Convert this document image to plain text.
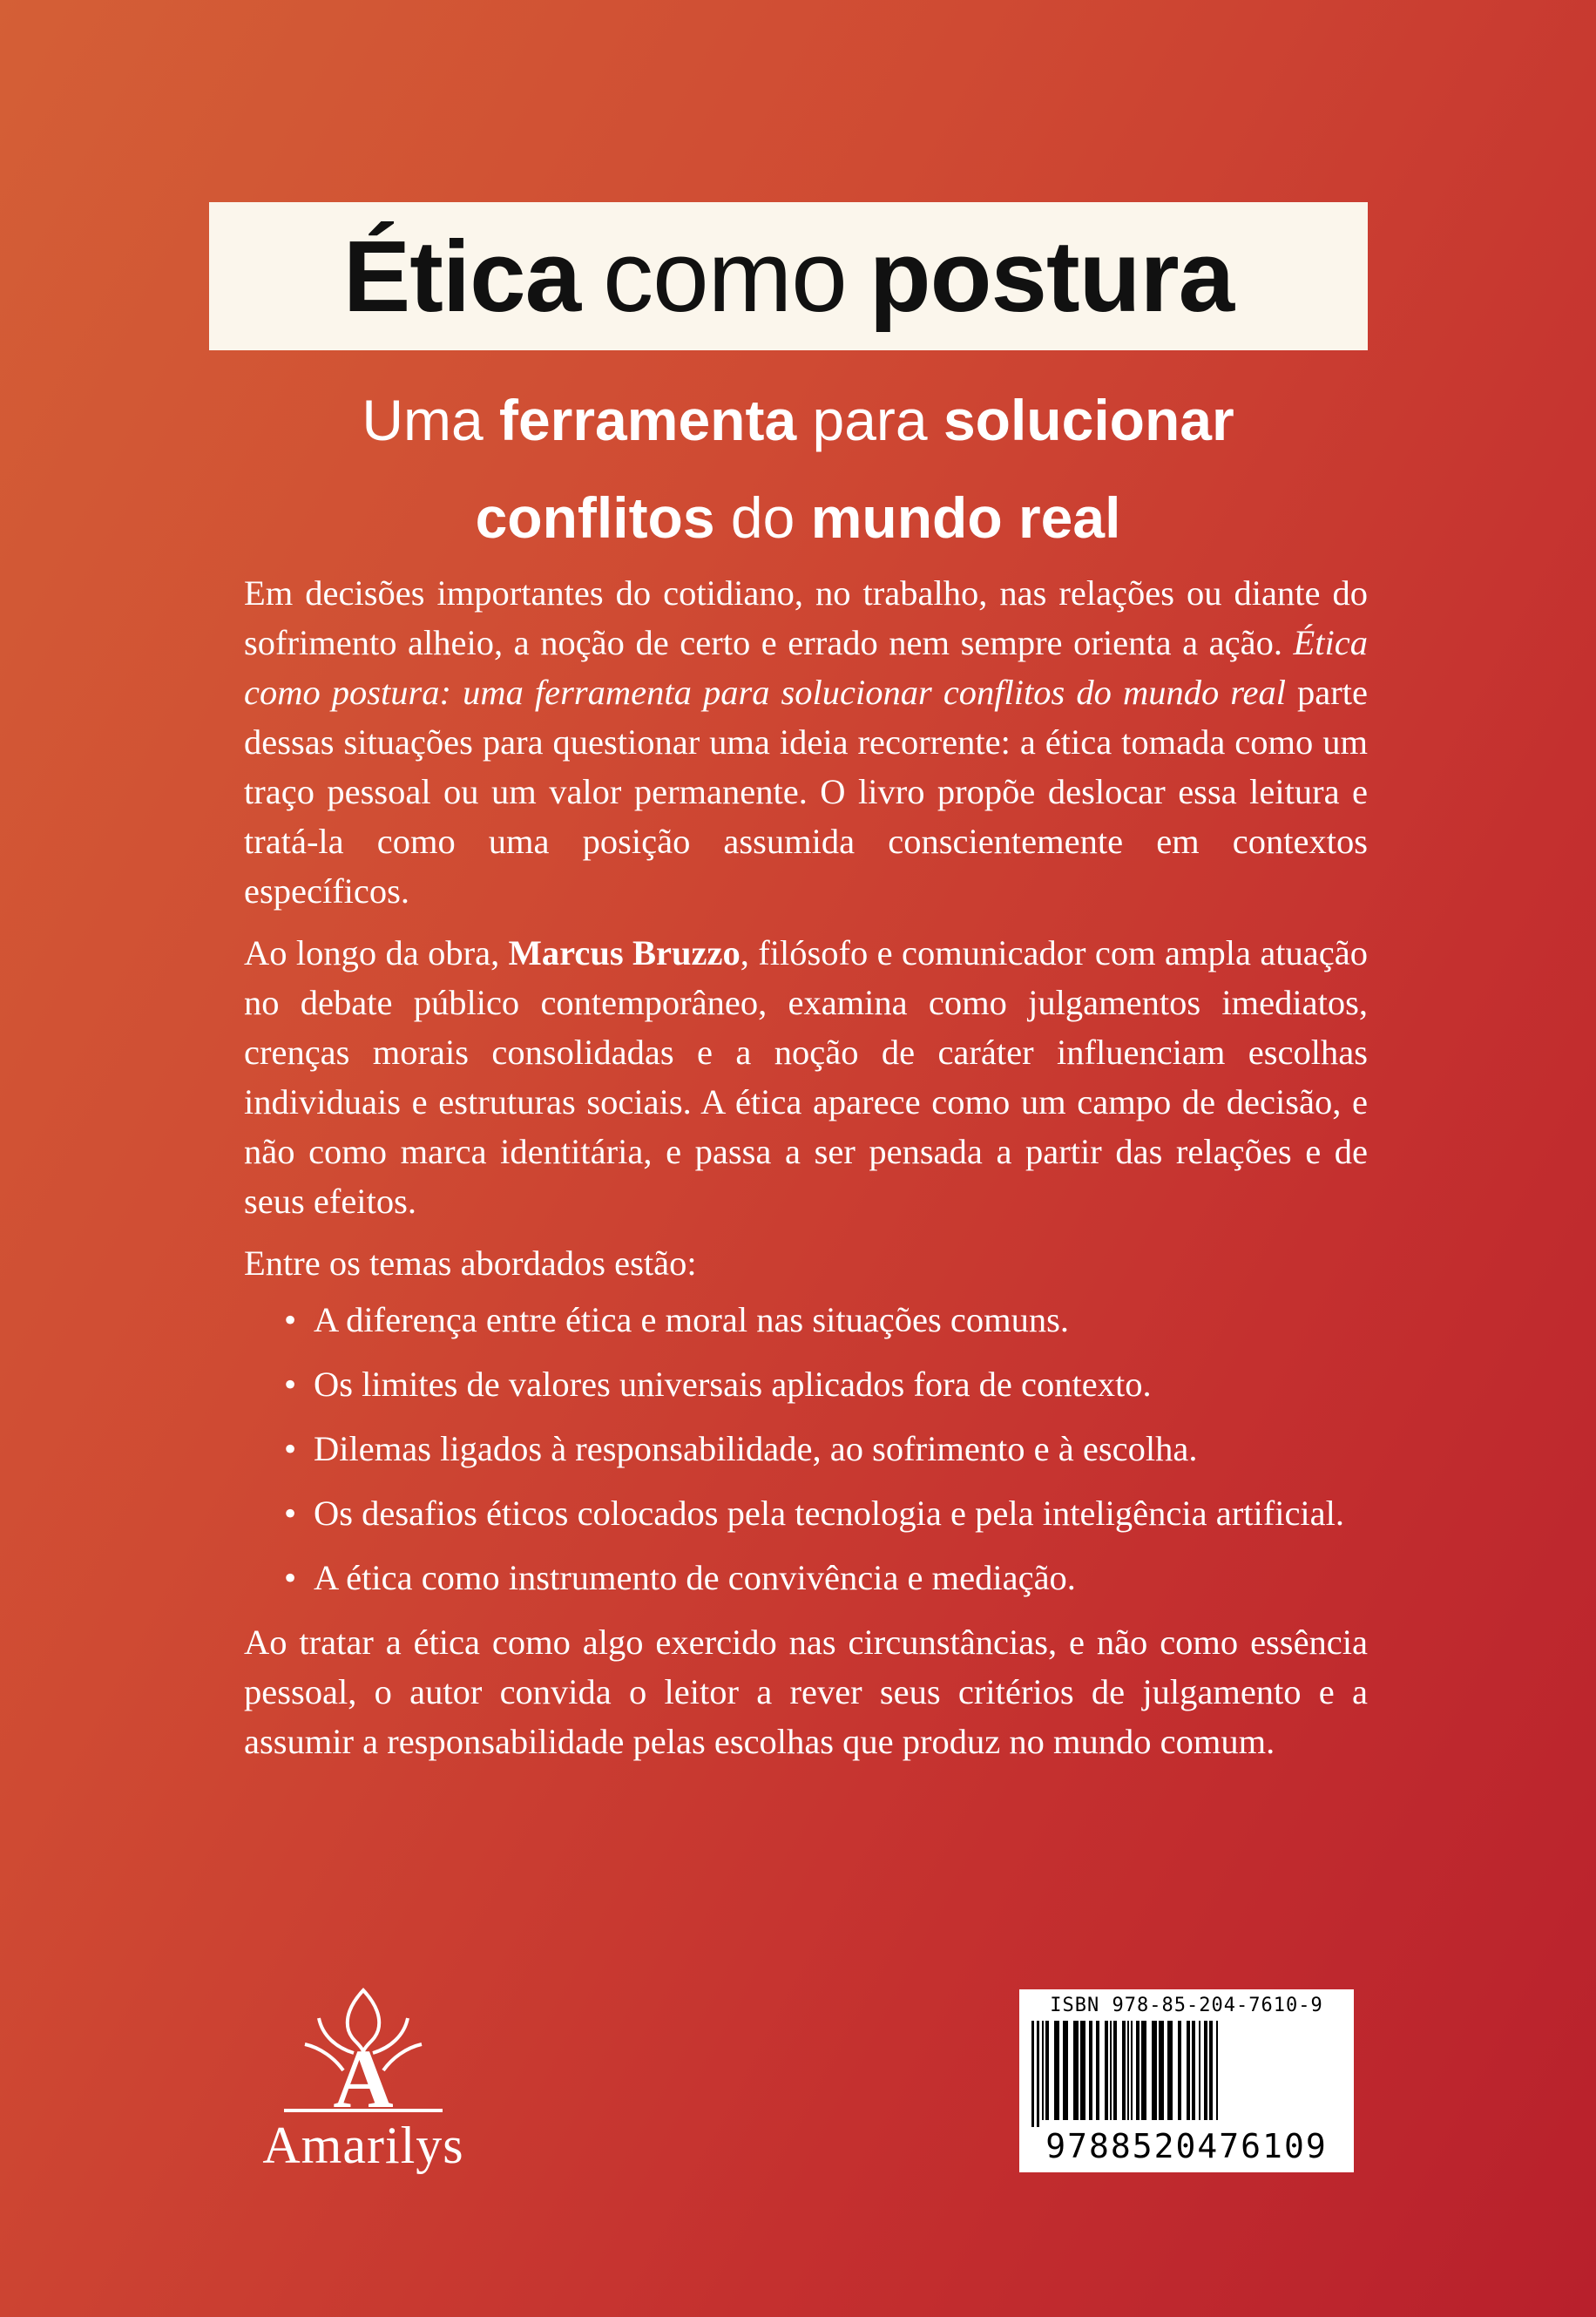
Ética como postura
Uma ferramenta para solucionar
conflitos do mundo real

Em decisões importantes do cotidiano, no trabalho, nas relações ou diante do sofrimento alheio, a noção de certo e errado nem sempre orienta a ação. Ética como postura: uma ferramenta para solucionar conflitos do mundo real parte dessas situações para questionar uma ideia recorrente: a ética tomada como um traço pessoal ou um valor permanente. O livro propõe deslocar essa leitura e tratá-la como uma posição assumida conscientemente em contextos específicos.

Ao longo da obra, Marcus Bruzzo, filósofo e comunicador com ampla atuação no debate público contemporâneo, examina como julgamentos imediatos, crenças morais consolidadas e a noção de caráter influenciam escolhas individuais e estruturas sociais. A ética aparece como um campo de decisão, e não como marca identitária, e passa a ser pensada a partir das relações e de seus efeitos.

Entre os temas abordados estão:

• A diferença entre ética e moral nas situações comuns.
• Os limites de valores universais aplicados fora de contexto.
• Dilemas ligados à responsabilidade, ao sofrimento e à escolha.
• Os desafios éticos colocados pela tecnologia e pela inteligência artificial.
• A ética como instrumento de convivência e mediação.

Ao tratar a ética como algo exercido nas circunstâncias, e não como essência pessoal, o autor convida o leitor a rever seus critérios de julgamento e a assumir a responsabilidade pelas escolhas que produz no mundo comum.

A
Amarilys
ISBN 978-85-204-7610-9
9788520476109
